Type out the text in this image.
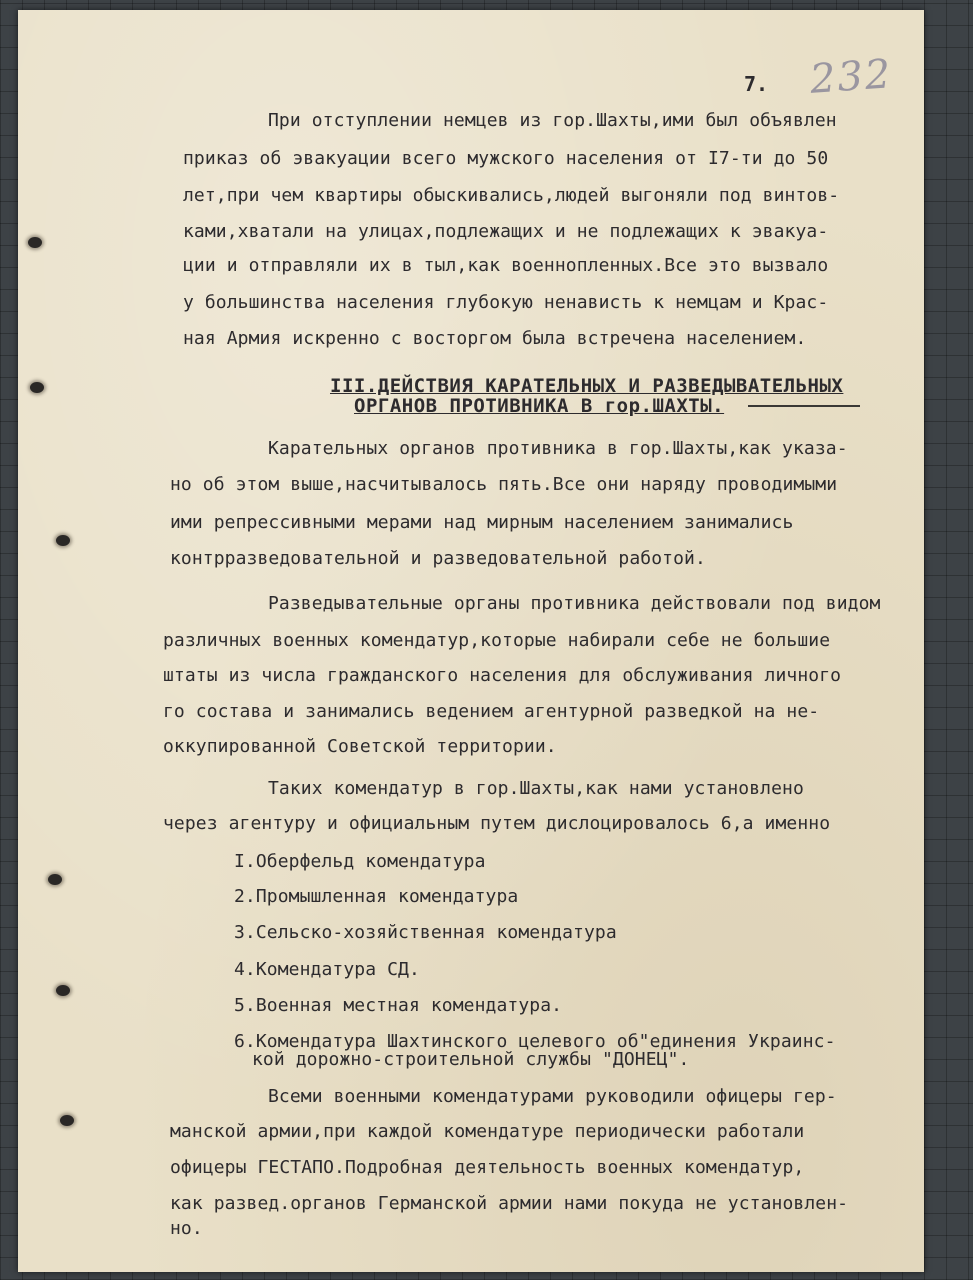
7. 232
При отступлении немцев из гор.Шахты,ими был объявлен
приказ об эвакуации всего мужского населения от I7-ти до 50
лет,при чем квартиры обыскивались,людей выгоняли под винтов-
ками,хватали на улицах,подлежащих и не подлежащих к эвакуа-
ции и отправляли их в тыл,как военнопленных.Все это вызвало
у большинства населения глубокую ненависть к немцам и Крас-
ная Армия искренно с восторгом была встречена населением.
III.ДЕЙСТВИЯ КАРАТЕЛЬНЫХ И РАЗВЕДЫВАТЕЛЬНЫХ
ОРГАНОВ ПРОТИВНИКА В гор.ШАХТЫ.
Карательных органов противника в гор.Шахты,как указа-
но об этом выше,насчитывалось пять.Все они наряду проводимыми
ими репрессивными мерами над мирным населением занимались
контрразведовательной и разведовательной работой.
Разведывательные органы противника действовали под видом
различных военных комендатур,которые набирали себе не большие
штаты из числа гражданского населения для обслуживания личного
го состава и занимались ведением агентурной разведкой на не-
оккупированной Советской территории.
Таких комендатур в гор.Шахты,как нами установлено
через агентуру и официальным путем дислоцировалось 6,а именно
I.Оберфельд комендатура
2.Промышленная комендатура
3.Сельско-хозяйственная комендатура
4.Комендатура СД.
5.Военная местная комендатура.
6.Комендатура Шахтинского целевого об"единения Украинс-
кой дорожно-строительной службы "ДОНЕЦ".
Всеми военными комендатурами руководили офицеры гер-
манской армии,при каждой комендатуре периодически работали
офицеры ГЕСТАПО.Подробная деятельность военных комендатур,
как развед.органов Германской армии нами покуда не установлен-
но.
